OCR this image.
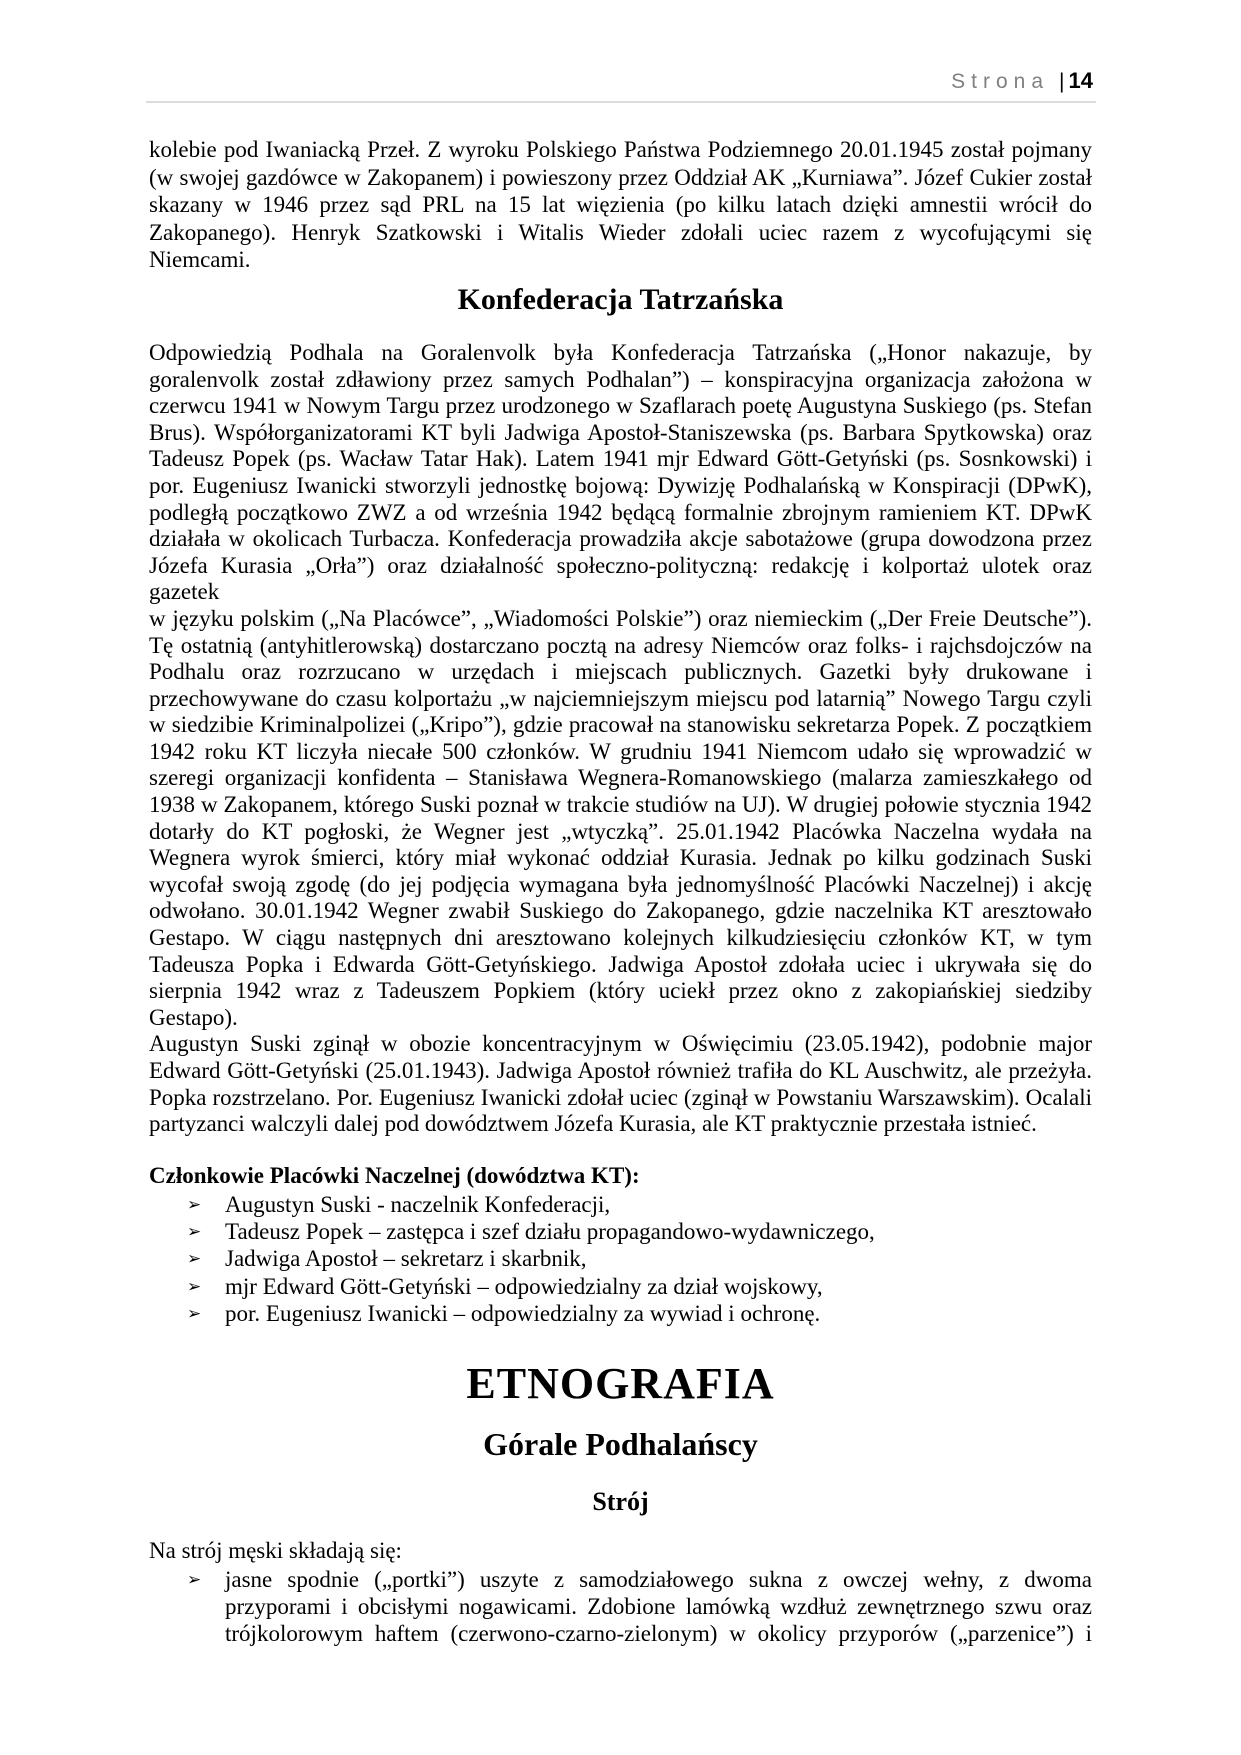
Strona | 14
kolebie pod Iwaniacką Przeł. Z wyroku Polskiego Państwa Podziemnego 20.01.1945 został pojmany
(w swojej gazdówce w Zakopanem) i powieszony przez Oddział AK „Kurniawa”. Józef Cukier został
skazany w 1946 przez sąd PRL na 15 lat więzienia (po kilku latach dzięki amnestii wrócił do
Zakopanego). Henryk Szatkowski i Witalis Wieder zdołali uciec razem z wycofującymi się
Niemcami.
Konfederacja Tatrzańska
Odpowiedzią Podhala na Goralenvolk była Konfederacja Tatrzańska („Honor nakazuje, by
goralenvolk został zdławiony przez samych Podhalan”) – konspiracyjna organizacja założona w
czerwcu 1941 w Nowym Targu przez urodzonego w Szaflarach poetę Augustyna Suskiego (ps. Stefan
Brus). Współorganizatorami KT byli Jadwiga Apostoł-Staniszewska (ps. Barbara Spytkowska) oraz
Tadeusz Popek (ps. Wacław Tatar Hak). Latem 1941 mjr Edward Gött-Getyński (ps. Sosnkowski) i
por. Eugeniusz Iwanicki stworzyli jednostkę bojową: Dywizję Podhalańską w Konspiracji (DPwK),
podległą początkowo ZWZ a od września 1942 będącą formalnie zbrojnym ramieniem KT. DPwK
działała w okolicach Turbacza. Konfederacja prowadziła akcje sabotażowe (grupa dowodzona przez
Józefa Kurasia „Orła”) oraz działalność społeczno-polityczną: redakcję i kolportaż ulotek oraz gazetek
w języku polskim („Na Placówce”, „Wiadomości Polskie”) oraz niemieckim („Der Freie Deutsche”).
Tę ostatnią (antyhitlerowską) dostarczano pocztą na adresy Niemców oraz folks- i rajchsdojczów na
Podhalu oraz rozrzucano w urzędach i miejscach publicznych. Gazetki były drukowane i
przechowywane do czasu kolportażu „w najciemniejszym miejscu pod latarnią” Nowego Targu czyli
w siedzibie Kriminalpolizei („Kripo”), gdzie pracował na stanowisku sekretarza Popek. Z początkiem
1942 roku KT liczyła niecałe 500 członków. W grudniu 1941 Niemcom udało się wprowadzić w
szeregi organizacji konfidenta – Stanisława Wegnera-Romanowskiego (malarza zamieszkałego od
1938 w Zakopanem, którego Suski poznał w trakcie studiów na UJ). W drugiej połowie stycznia 1942
dotarły do KT pogłoski, że Wegner jest „wtyczką”. 25.01.1942 Placówka Naczelna wydała na
Wegnera wyrok śmierci, który miał wykonać oddział Kurasia. Jednak po kilku godzinach Suski
wycofał swoją zgodę (do jej podjęcia wymagana była jednomyślność Placówki Naczelnej) i akcję
odwołano. 30.01.1942 Wegner zwabił Suskiego do Zakopanego, gdzie naczelnika KT aresztowało
Gestapo. W ciągu następnych dni aresztowano kolejnych kilkudziesięciu członków KT, w tym
Tadeusza Popka i Edwarda Gött-Getyńskiego. Jadwiga Apostoł zdołała uciec i ukrywała się do
sierpnia 1942 wraz z Tadeuszem Popkiem (który uciekł przez okno z zakopiańskiej siedziby Gestapo).
Augustyn Suski zginął w obozie koncentracyjnym w Oświęcimiu (23.05.1942), podobnie major
Edward Gött-Getyński (25.01.1943). Jadwiga Apostoł również trafiła do KL Auschwitz, ale przeżyła.
Popka rozstrzelano. Por. Eugeniusz Iwanicki zdołał uciec (zginął w Powstaniu Warszawskim). Ocalali
partyzanci walczyli dalej pod dowództwem Józefa Kurasia, ale KT praktycznie przestała istnieć.
Członkowie Placówki Naczelnej (dowództwa KT):
➢ Augustyn Suski - naczelnik Konfederacji,
➢ Tadeusz Popek – zastępca i szef działu propagandowo-wydawniczego,
➢ Jadwiga Apostoł – sekretarz i skarbnik,
➢ mjr Edward Gött-Getyński – odpowiedzialny za dział wojskowy,
➢ por. Eugeniusz Iwanicki – odpowiedzialny za wywiad i ochronę.
ETNOGRAFIA
Górale Podhalańscy
Strój
Na strój męski składają się:
➢ jasne spodnie („portki”) uszyte z samodziałowego sukna z owczej wełny, z dwoma
przyporami i obcisłymi nogawicami. Zdobione lamówką wzdłuż zewnętrznego szwu oraz
trójkolorowym haftem (czerwono-czarno-zielonym) w okolicy przyporów („parzenice”) i
